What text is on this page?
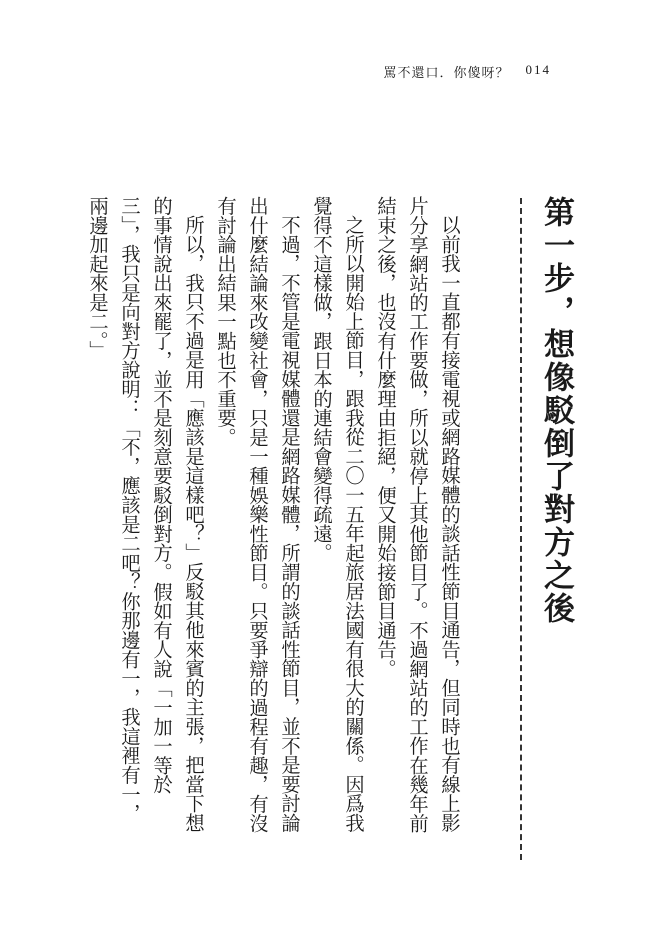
罵不還口．你傻呀？ 014
第一步，想像駁倒了對方之後

以前我一直都有接電視或網路媒體的談話性節目通告，但同時也有線上影片分享網站的工作要做，所以就停上其他節目了。不過網站的工作在幾年前結束之後，也沒有什麼理由拒絕，便又開始接節目通告。

之所以開始上節目，跟我從二〇一五年起旅居法國有很大的關係。因爲我覺得不這樣做，跟日本的連結會變得疏遠。

不過，不管是電視媒體還是網路媒體，所謂的談話性節目，並不是要討論出什麼結論來改變社會，只是一種娛樂性節目。只要爭辯的過程有趣，有沒有討論出結果一點也不重要。

所以，我只不過是用「應該是這樣吧？」反駁其他來賓的主張，把當下想的事情說出來罷了，並不是刻意要駁倒對方。假如有人說「一加一等於三」，我只是向對方說明：「不，應該是二吧？你那邊有一，我這裡有一，兩邊加起來是二。」
